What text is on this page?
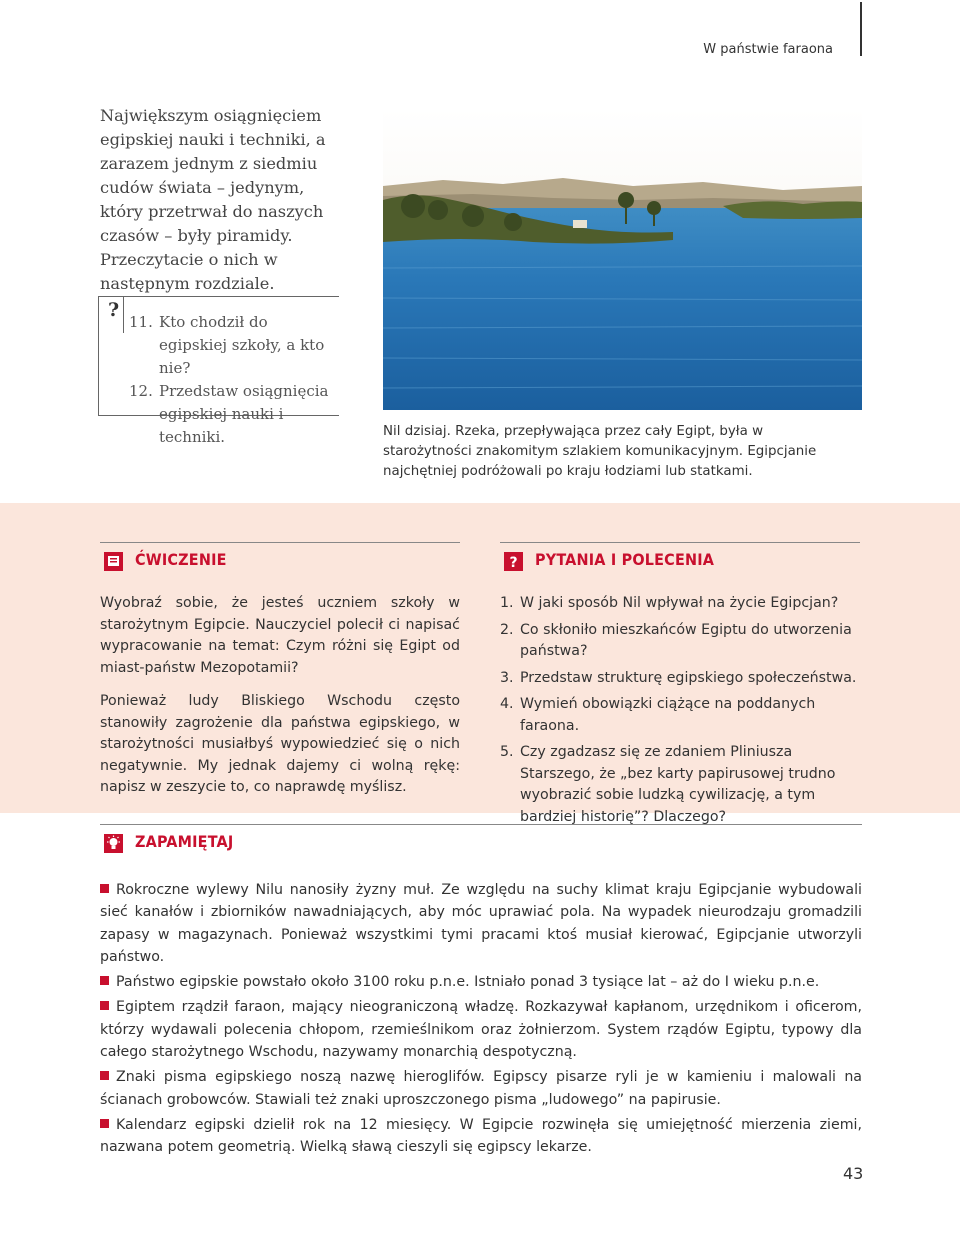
W państwie faraona
Największym osiągnięciem egipskiej nauki i techniki, a zarazem jednym z siedmiu cudów świata – jedynym, który przetrwał do naszych czasów – były piramidy. Przeczytacie o nich w następnym rozdziale.
?
11. Kto chodził do egipskiej szkoły, a kto nie?
12. Przedstaw osiągnięcia egipskiej nauki i techniki.	Nil dzisiaj. Rzeka, przepływająca przez cały Egipt, była w starożytności znakomitym szlakiem komunikacyjnym. Egipcjanie najchętniej podróżowali po kraju łodziami lub statkami.
ĆWICZENIE	? PYTANIA I POLECENIA

Wyobraź sobie, że jesteś uczniem szkoły w starożytnym Egipcie. Nauczyciel polecił ci napisać wypracowanie na temat: Czym różni się Egipt od miast-państw Mezopotamii?

Ponieważ ludy Bliskiego Wschodu często stanowiły zagrożenie dla państwa egipskiego, w starożytności musiałbyś wypowiedzieć się o nich negatywnie. My jednak dajemy ci wolną rękę: napisz w zeszycie to, co naprawdę myślisz.

1. W jaki sposób Nil wpływał na życie Egipcjan?
2. Co skłoniło mieszkańców Egiptu do utworzenia państwa?
3. Przedstaw strukturę egipskiego społeczeństwa.
4. Wymień obowiązki ciążące na poddanych faraona.
5. Czy zgadzasz się ze zdaniem Pliniusza Starszego, że „bez karty papirusowej trudno wyobrazić sobie ludzką cywilizację, a tym bardziej historię”? Dlaczego?
ZAPAMIĘTAJ
Rokroczne wylewy Nilu nanosiły żyzny muł. Ze względu na suchy klimat kraju Egipcjanie wybudowali sieć kanałów i zbiorników nawadniających, aby móc uprawiać pola. Na wypadek nieurodzaju gromadzili zapasy w magazynach. Ponieważ wszystkimi tymi pracami ktoś musiał kierować, Egipcjanie utworzyli państwo.
Państwo egipskie powstało około 3100 roku p.n.e. Istniało ponad 3 tysiące lat – aż do I wieku p.n.e.
Egiptem rządził faraon, mający nieograniczoną władzę. Rozkazywał kapłanom, urzędnikom i oficerom, którzy wydawali polecenia chłopom, rzemieślnikom oraz żołnierzom. System rządów Egiptu, typowy dla całego starożytnego Wschodu, nazywamy monarchią despotyczną.
Znaki pisma egipskiego noszą nazwę hieroglifów. Egipscy pisarze ryli je w kamieniu i malowali na ścianach grobowców. Stawiali też znaki uproszczonego pisma „ludowego” na papirusie.
Kalendarz egipski dzielił rok na 12 miesięcy. W Egipcie rozwinęła się umiejętność mierzenia ziemi, nazwana potem geometrią. Wielką sławą cieszyli się egipscy lekarze.
43
